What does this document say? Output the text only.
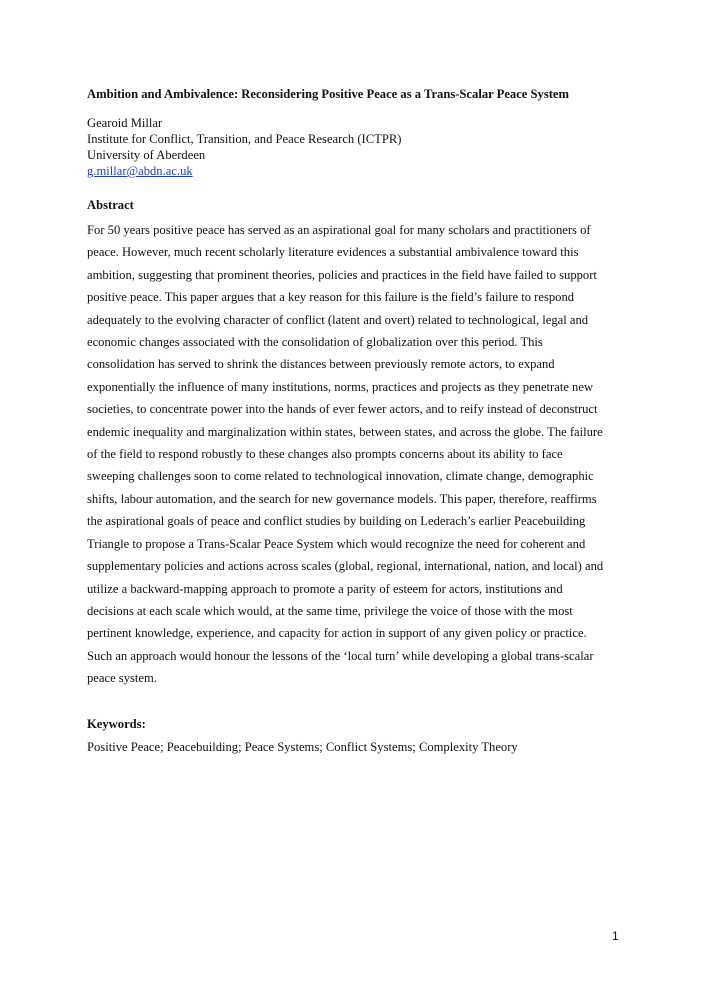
Ambition and Ambivalence: Reconsidering Positive Peace as a Trans-Scalar Peace System
Gearoid Millar
Institute for Conflict, Transition, and Peace Research (ICTPR)
University of Aberdeen
g.millar@abdn.ac.uk
Abstract
For 50 years positive peace has served as an aspirational goal for many scholars and practitioners of
peace. However, much recent scholarly literature evidences a substantial ambivalence toward this
ambition, suggesting that prominent theories, policies and practices in the field have failed to support
positive peace. This paper argues that a key reason for this failure is the field’s failure to respond
adequately to the evolving character of conflict (latent and overt) related to technological, legal and
economic changes associated with the consolidation of globalization over this period. This
consolidation has served to shrink the distances between previously remote actors, to expand
exponentially the influence of many institutions, norms, practices and projects as they penetrate new
societies, to concentrate power into the hands of ever fewer actors, and to reify instead of deconstruct
endemic inequality and marginalization within states, between states, and across the globe. The failure
of the field to respond robustly to these changes also prompts concerns about its ability to face
sweeping challenges soon to come related to technological innovation, climate change, demographic
shifts, labour automation, and the search for new governance models. This paper, therefore, reaffirms
the aspirational goals of peace and conflict studies by building on Lederach’s earlier Peacebuilding
Triangle to propose a Trans-Scalar Peace System which would recognize the need for coherent and
supplementary policies and actions across scales (global, regional, international, nation, and local) and
utilize a backward-mapping approach to promote a parity of esteem for actors, institutions and
decisions at each scale which would, at the same time, privilege the voice of those with the most
pertinent knowledge, experience, and capacity for action in support of any given policy or practice.
Such an approach would honour the lessons of the ‘local turn’ while developing a global trans-scalar
peace system.
Keywords:
Positive Peace; Peacebuilding; Peace Systems; Conflict Systems; Complexity Theory
1
